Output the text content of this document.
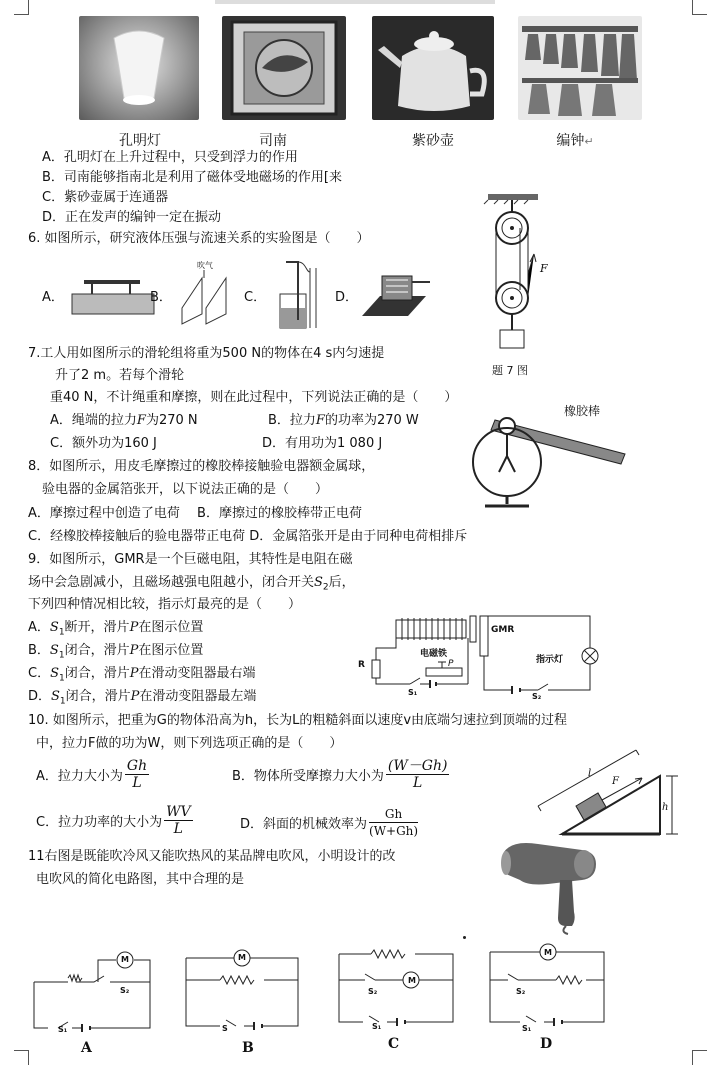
孔明灯	司南	紫砂壶	编钟↵
A．孔明灯在上升过程中，只受到浮力的作用
B．司南能够指南北是利用了磁体受地磁场的作用[来
C．紫砂壶属于连通器
D．正在发声的编钟一定在振动
6. 如图所示，研究液体压强与流速关系的实验图是（　　）
A．	B．
吹气
C．	D．
F
题 7 图
7.工人用如图所示的滑轮组将重为500 N的物体在4 s内匀速提
升了2 m。若每个滑轮
重40 N，不计绳重和摩擦，则在此过程中，下列说法正确的是（　　）
A．绳端的拉力F为270 N	B．拉力F的功率为270 W
C．额外功为160 J	D．有用功为1 080 J
橡胶棒
8．如图所示，用皮毛摩擦过的橡胶棒接触验电器额金属球，
验电器的金属箔张开，以下说法正确的是（　　）
A．摩擦过程中创造了电荷　 B．摩擦过的橡胶棒带正电荷
C．经橡胶棒接触后的验电器带正电荷 D．金属箔张开是由于同种电荷相排斥
9．如图所示，GMR是一个巨磁电阻，其特性是电阻在磁
场中会急剧减小，且磁场越强电阻越小，闭合开关$S_2$后，
下列四种情况相比较，指示灯最亮的是（　　）
A．$S_1$断开，滑片P在图示位置
B．$S_1$闭合，滑片P在图示位置
C．$S_1$闭合，滑片P在滑动变阻器最右端
D．$S_1$闭合，滑片P在滑动变阻器最左端
GMR
电磁铁
指示灯
R	P
S₁	S₂
10. 如图所示，把重为G的物体沿高为h，长为L的粗糙斜面以速度v由底端匀速拉到顶端的过程
中，拉力F做的功为W，则下列选项正确的是（　　）
A．拉力大小为 $\frac{Gh}{L}$	B．物体所受摩擦力大小为 $\frac{(W-Gh)}{L}$
C．拉力功率的大小为 $\frac{WV}{L}$	D．斜面的机械效率为 $\frac{Gh}{(W+Gh)}$
l
F
h
11右图是既能吹冷风又能吹热风的某品牌电吹风，小明设计的改
电吹风的简化电路图，其中合理的是
M
S₂
S₁
A
M
S
B
M
S₂
S₁
C
M
S₂
S₁
D
